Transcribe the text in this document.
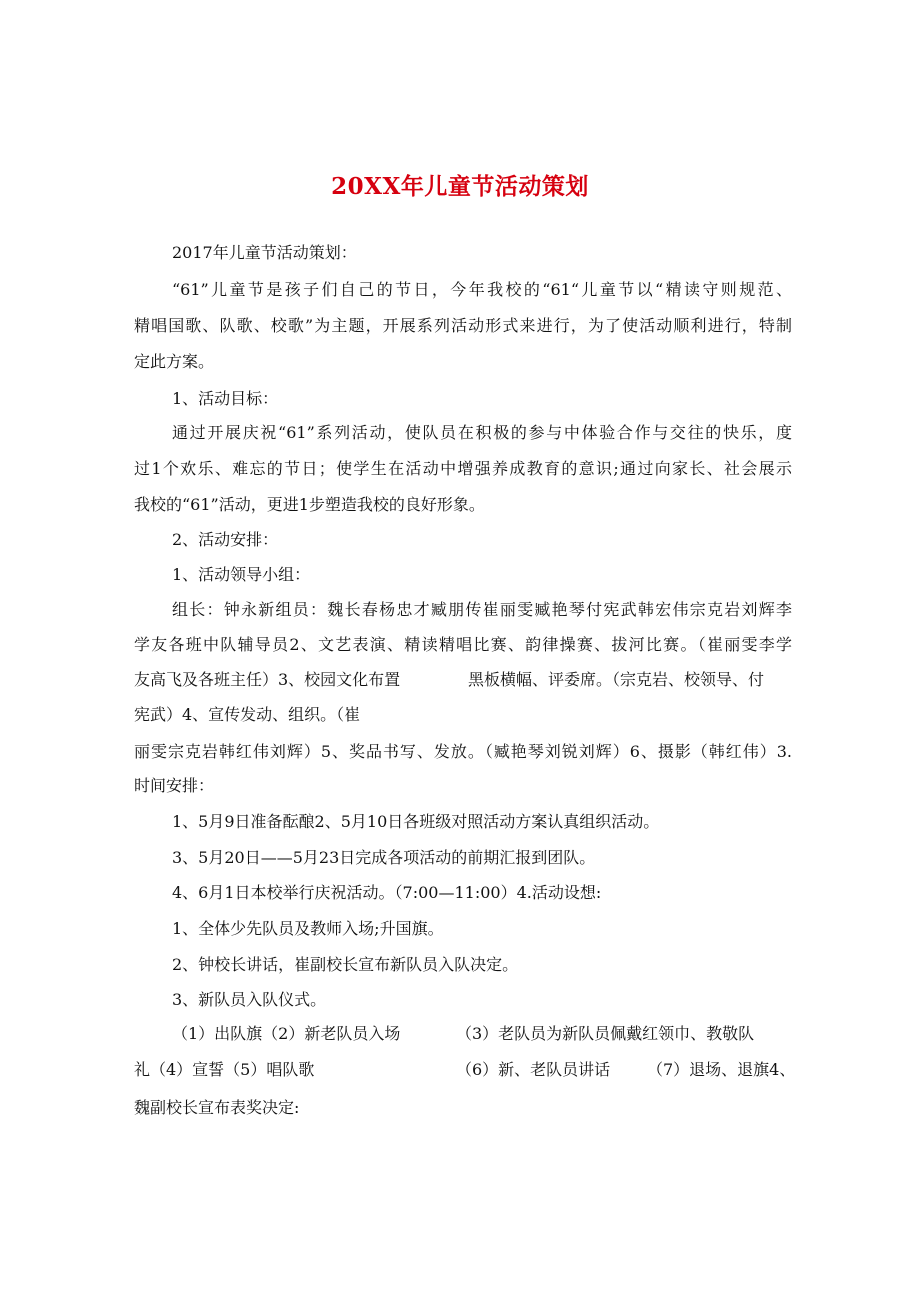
20XX年儿童节活动策划
2017年儿童节活动策划：
“61”儿童节是孩子们自己的节日，今年我校的“61“儿童节以“精读守则规范、
精唱国歌、队歌、校歌”为主题，开展系列活动形式来进行，为了使活动顺利进行，特制
定此方案。
1、活动目标：
通过开展庆祝“61”系列活动，使队员在积极的参与中体验合作与交往的快乐，度
过1个欢乐、难忘的节日；使学生在活动中增强养成教育的意识;通过向家长、社会展示
我校的“61”活动，更进1步塑造我校的良好形象。
2、活动安排：
1、活动领导小组：
组长：钟永新组员：魏长春杨忠才臧朋传崔丽雯臧艳琴付宪武韩宏伟宗克岩刘辉李
学友各班中队辅导员2、文艺表演、精读精唱比赛、韵律操赛、拔河比赛。（崔丽雯李学
友高飞及各班主任）3、校园文化布置	黑板横幅、评委席。（宗克岩、校领导、付
宪武）4、宣传发动、组织。（崔
丽雯宗克岩韩红伟刘辉）5、奖品书写、发放。（臧艳琴刘锐刘辉）6、摄影（韩红伟）3.
时间安排：
1、5月9日准备酝酿2、5月10日各班级对照活动方案认真组织活动。
3、5月20日——5月23日完成各项活动的前期汇报到团队。
4、6月1日本校举行庆祝活动。（7:00—11:00）4.活动设想:
1、全体少先队员及教师入场;升国旗。
2、钟校长讲话，崔副校长宣布新队员入队决定。
3、新队员入队仪式。
（1）出队旗（2）新老队员入场	（3）老队员为新队员佩戴红领巾、教敬队
礼（4）宣誓（5）唱队歌	（6）新、老队员讲话 （7）退场、退旗4、
魏副校长宣布表奖决定:
